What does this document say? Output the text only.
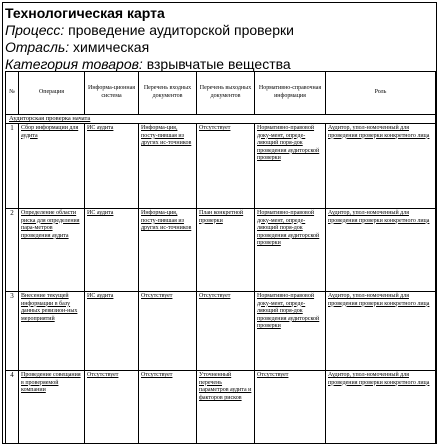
Технологическая карта
Процесс: проведение аудиторской проверки
Отрасль: химическая
Категория товаров: взрывчатые вещества
№	Операция	Информа-ционная система	Перечень входных документов	Перечень выходных документов	Нормативно-справочная информация	Роль
Аудиторская проверка начата						
1	Сбор информации для аудита	ИС аудита	Информа-ция, посту-пившая из других ис-точников	Отсутствует	Нормативно-правовой доку-мент, опреде-ляющий поря-док проведения аудиторской проверки	Аудитор, упол-номоченный для проведения проверки конкретного лица
2	Определение области риска для определения пара-метров проведения аудита	ИС аудита	Информа-ция, посту-пившая из других ис-точников	План конкретной проверки	Нормативно-правовой доку-мент, опреде-ляющий поря-док проведения аудиторской проверки	Аудитор, упол-номоченный для проведения проверки конкретного лица
3	Внесение текущей информации в базу данных ревизион-ных мероприятий	ИС аудита	Отсутствует	Отсутствует	Нормативно-правовой доку-мент, опреде-ляющий поря-док проведения аудиторской проверки	Аудитор, упол-номоченный для проведения проверки конкретного лица
4	Проведение совещания в проверяемой компании	Отсутствует	Отсутствует	Уточненный перечень параметров аудита и факторов рисков	Отсутствует	Аудитор, упол-номоченный для проведения проверки конкретного лица
